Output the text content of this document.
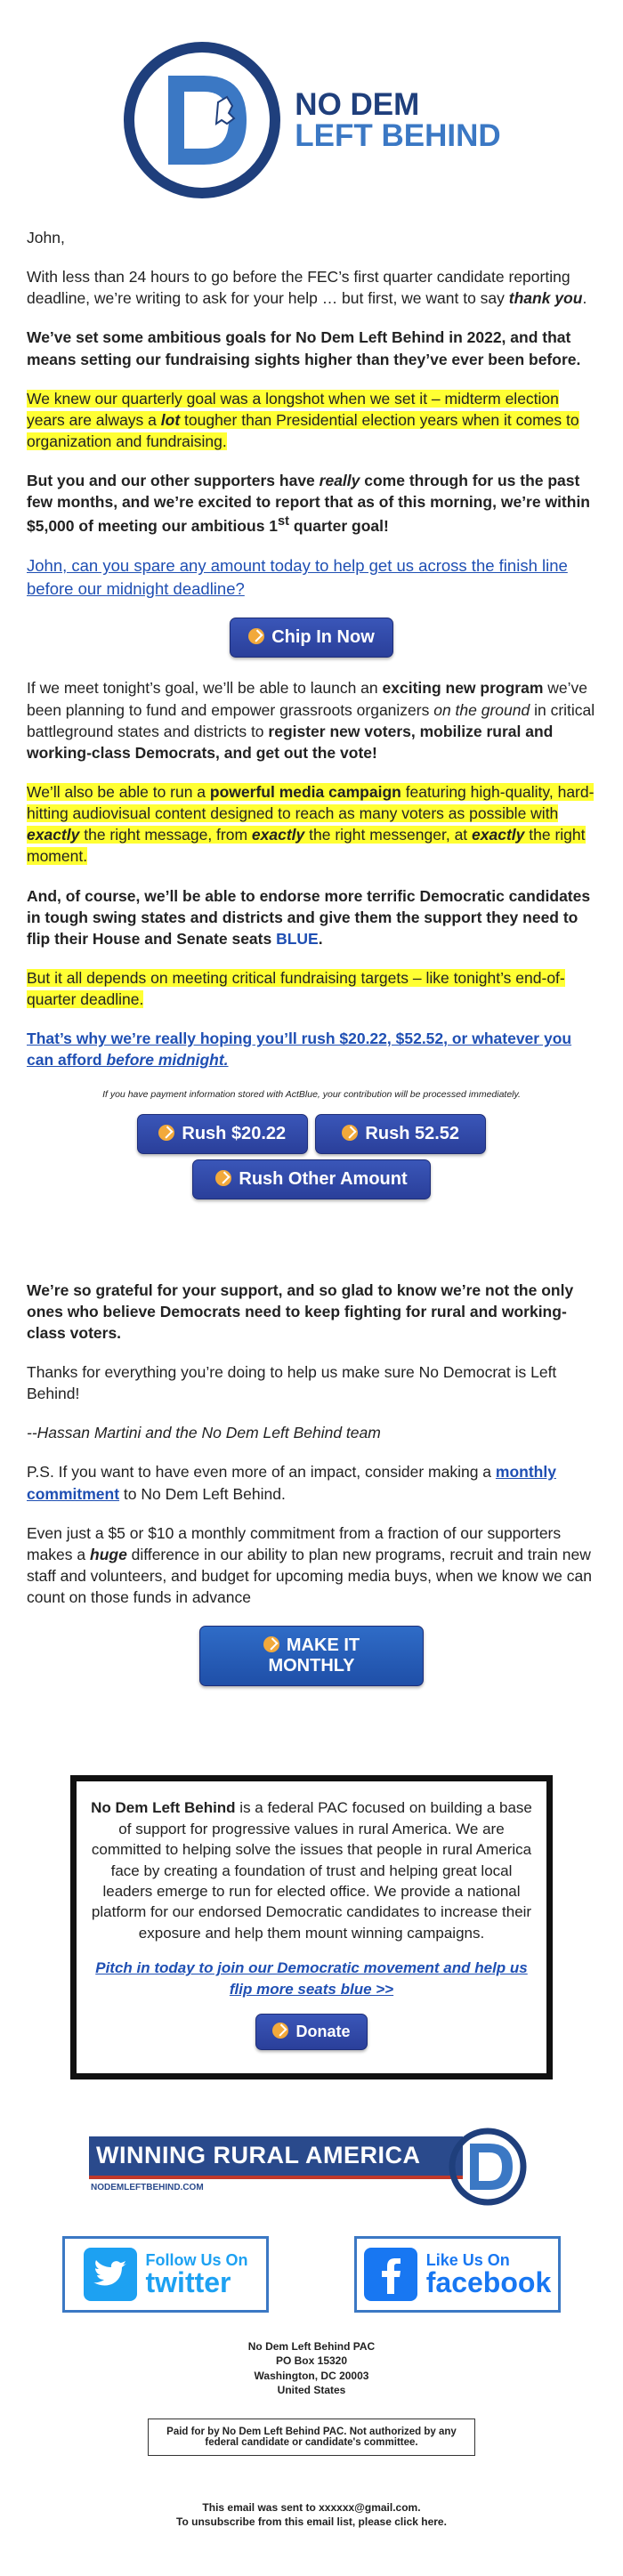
NO DEM
LEFT BEHIND

John,

With less than 24 hours to go before the FEC’s first quarter candidate reporting deadline, we’re writing to ask for your help … but first, we want to say thank you.

We’ve set some ambitious goals for No Dem Left Behind in 2022, and that means setting our fundraising sights higher than they’ve ever been before.

We knew our quarterly goal was a longshot when we set it – midterm election years are always a lot tougher than Presidential election years when it comes to organization and fundraising.

But you and our other supporters have really come through for us the past few months, and we’re excited to report that as of this morning, we’re within $5,000 of meeting our ambitious 1st quarter goal!

John, can you spare any amount today to help get us across the finish line before our midnight deadline?

Chip In Now

If we meet tonight’s goal, we’ll be able to launch an exciting new program we’ve been planning to fund and empower grassroots organizers on the ground in critical battleground states and districts to register new voters, mobilize rural and working-class Democrats, and get out the vote!

We’ll also be able to run a powerful media campaign featuring high-quality, hard-hitting audiovisual content designed to reach as many voters as possible with exactly the right message, from exactly the right messenger, at exactly the right moment.

And, of course, we’ll be able to endorse more terrific Democratic candidates in tough swing states and districts and give them the support they need to flip their House and Senate seats BLUE.

But it all depends on meeting critical fundraising targets – like tonight’s end-of-quarter deadline.

That’s why we’re really hoping you’ll rush $20.22, $52.52, or whatever you can afford before midnight.

If you have payment information stored with ActBlue, your contribution will be processed immediately.
Rush $20.22	Rush 52.52
Rush Other Amount

We’re so grateful for your support, and so glad to know we’re not the only ones who believe Democrats need to keep fighting for rural and working-class voters.

Thanks for everything you’re doing to help us make sure No Democrat is Left Behind!

--Hassan Martini and the No Dem Left Behind team

P.S. If you want to have even more of an impact, consider making a monthly commitment to No Dem Left Behind.

Even just a $5 or $10 a monthly commitment from a fraction of our supporters makes a huge difference in our ability to plan new programs, recruit and train new staff and volunteers, and budget for upcoming media buys, when we know we can count on those funds in advance

MAKE IT MONTHLY

No Dem Left Behind is a federal PAC focused on building a base of support for progressive values in rural America. We are committed to helping solve the issues that people in rural America face by creating a foundation of trust and helping great local leaders emerge to run for elected office. We provide a national platform for our endorsed Democratic candidates to increase their exposure and help them mount winning campaigns.

Pitch in today to join our Democratic movement and help us flip more seats blue >>

Donate
WINNING RURAL AMERICA
NODEMLEFTBEHIND.COM
Follow Us On
twitter
Like Us On
facebook
No Dem Left Behind PAC
PO Box 15320
Washington, DC 20003
United States
Paid for by No Dem Left Behind PAC. Not authorized by any federal candidate or candidate's committee.
This email was sent to xxxxxx@gmail.com.
To unsubscribe from this email list, please click here.
